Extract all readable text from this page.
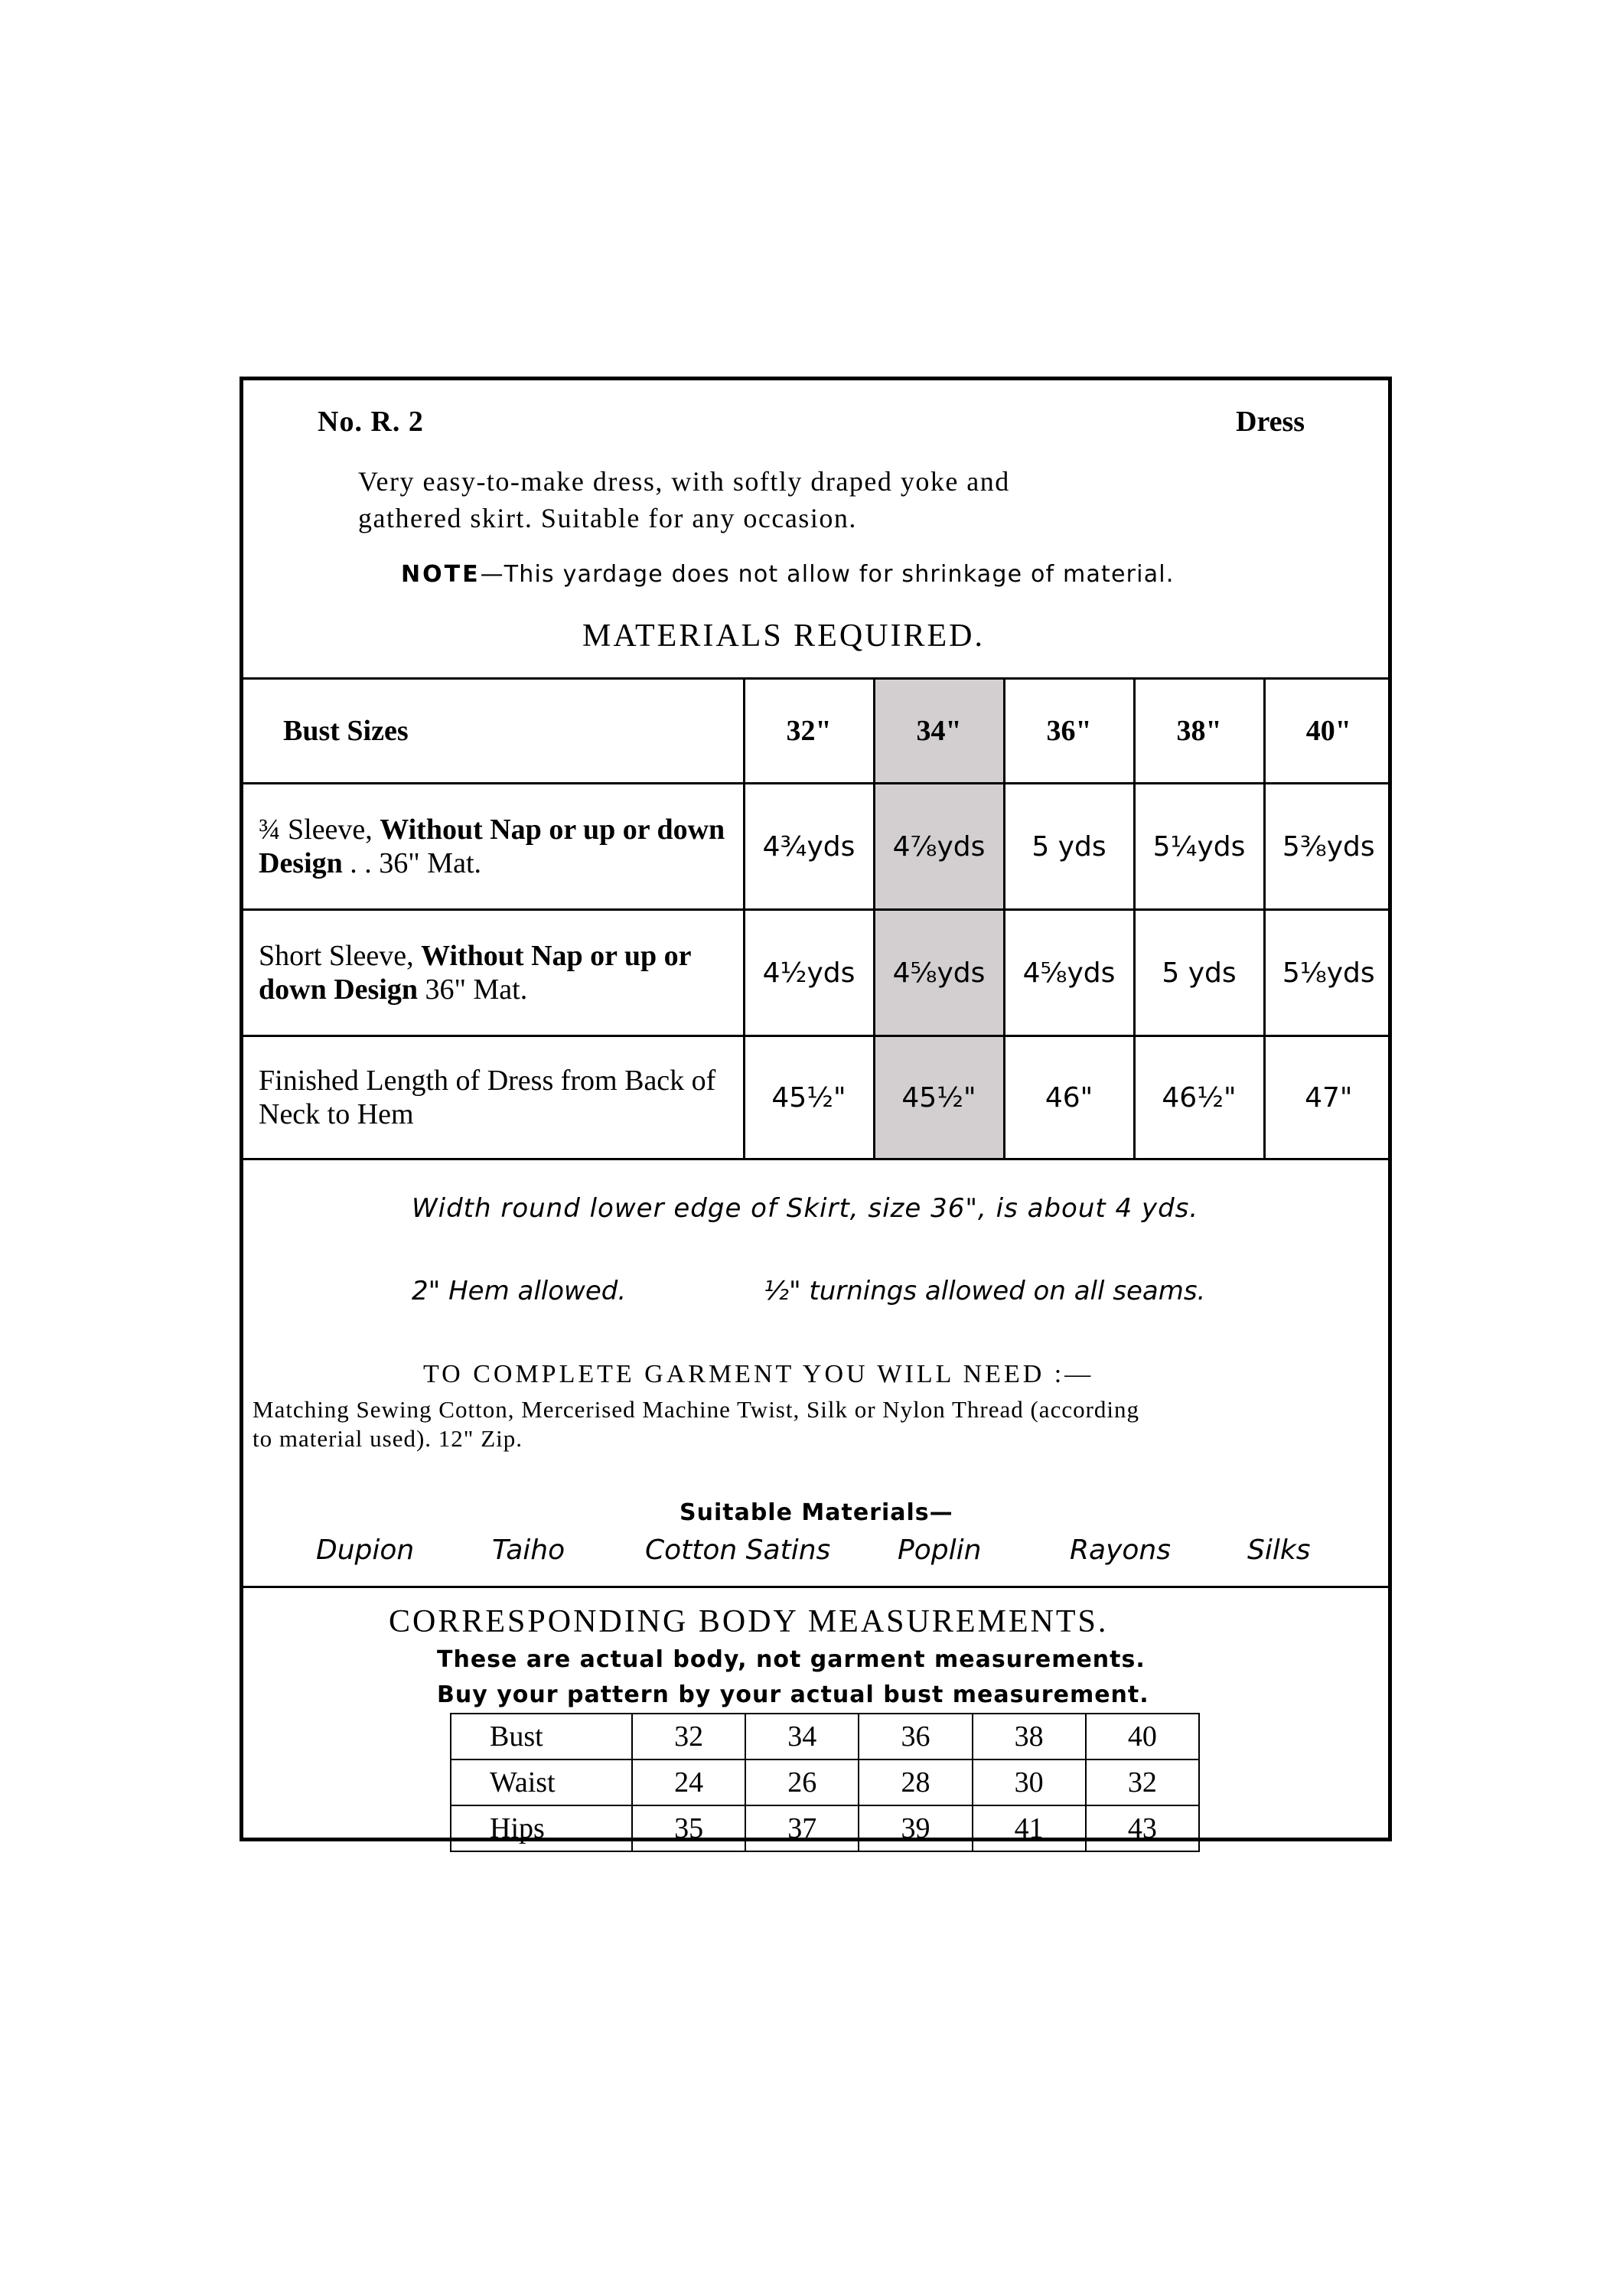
No. R. 2	Dress
Very easy-to-make dress, with softly draped yoke and
gathered skirt. Suitable for any occasion.
NOTE—This yardage does not allow for shrinkage of material.
MATERIALS REQUIRED.
Bust Sizes	32"	34"	36"	38"	40"
¾ Sleeve, Without Nap or up or down Design . . 36" Mat.	4¾yds	4⅞yds	5 yds	5¼yds	5⅜yds
Short Sleeve, Without Nap or up or down Design 36" Mat.	4½yds	4⅝yds	4⅝yds	5 yds	5⅛yds
Finished Length of Dress from Back of Neck to Hem	45½"	45½"	46"	46½"	47"
Width round lower edge of Skirt, size 36", is about 4 yds.
2" Hem allowed.	½" turnings allowed on all seams.
TO COMPLETE GARMENT YOU WILL NEED :—
Matching Sewing Cotton, Mercerised Machine Twist, Silk or Nylon Thread (according
to material used). 12" Zip.
Suitable Materials—
Dupion	Taiho	Cotton Satins Poplin	Rayons	Silks
CORRESPONDING BODY MEASUREMENTS.
These are actual body, not garment measurements.
Buy your pattern by your actual bust measurement.
Bust	32	34	36	38	40
Waist	24	26	28	30	32
Hips	35	37	39	41	43
